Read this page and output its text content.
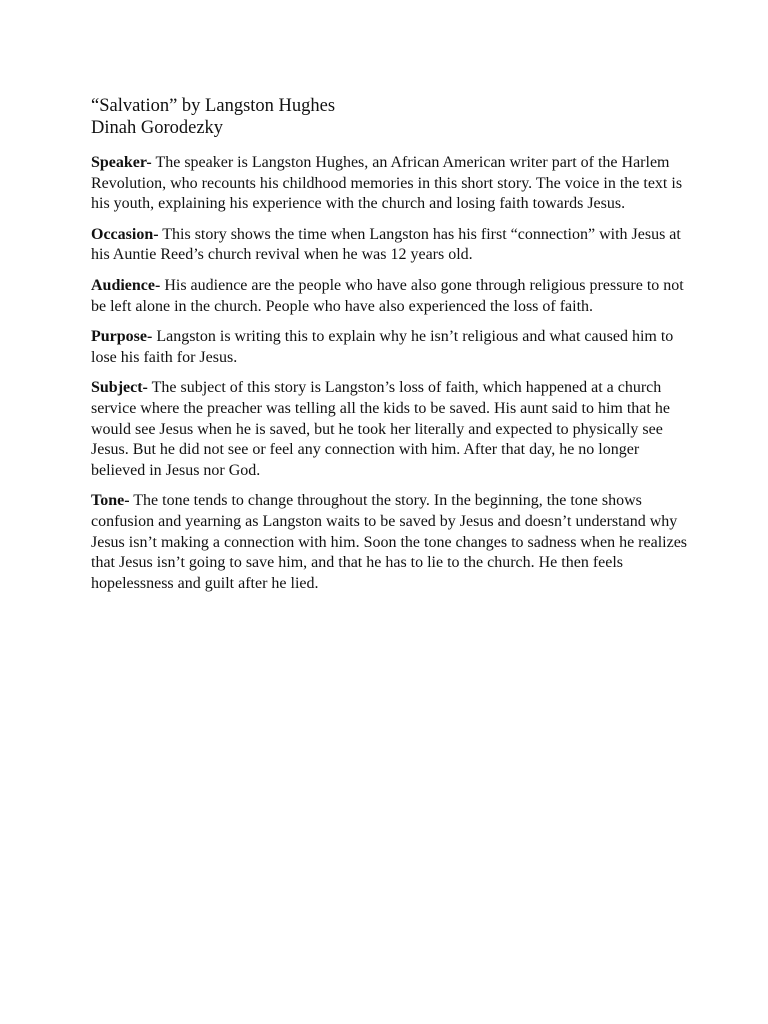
“Salvation” by Langston Hughes
Dinah Gorodezky

Speaker- The speaker is Langston Hughes, an African American writer part of the Harlem Revolution, who recounts his childhood memories in this short story. The voice in the text is his youth, explaining his experience with the church and losing faith towards Jesus.

Occasion- This story shows the time when Langston has his first “connection” with Jesus at his Auntie Reed’s church revival when he was 12 years old.

Audience- His audience are the people who have also gone through religious pressure to not be left alone in the church. People who have also experienced the loss of faith.

Purpose- Langston is writing this to explain why he isn’t religious and what caused him to lose his faith for Jesus.

Subject- The subject of this story is Langston’s loss of faith, which happened at a church service where the preacher was telling all the kids to be saved. His aunt said to him that he would see Jesus when he is saved, but he took her literally and expected to physically see Jesus. But he did not see or feel any connection with him. After that day, he no longer believed in Jesus nor God.

Tone- The tone tends to change throughout the story. In the beginning, the tone shows confusion and yearning as Langston waits to be saved by Jesus and doesn’t understand why Jesus isn’t making a connection with him. Soon the tone changes to sadness when he realizes that Jesus isn’t going to save him, and that he has to lie to the church. He then feels hopelessness and guilt after he lied.
